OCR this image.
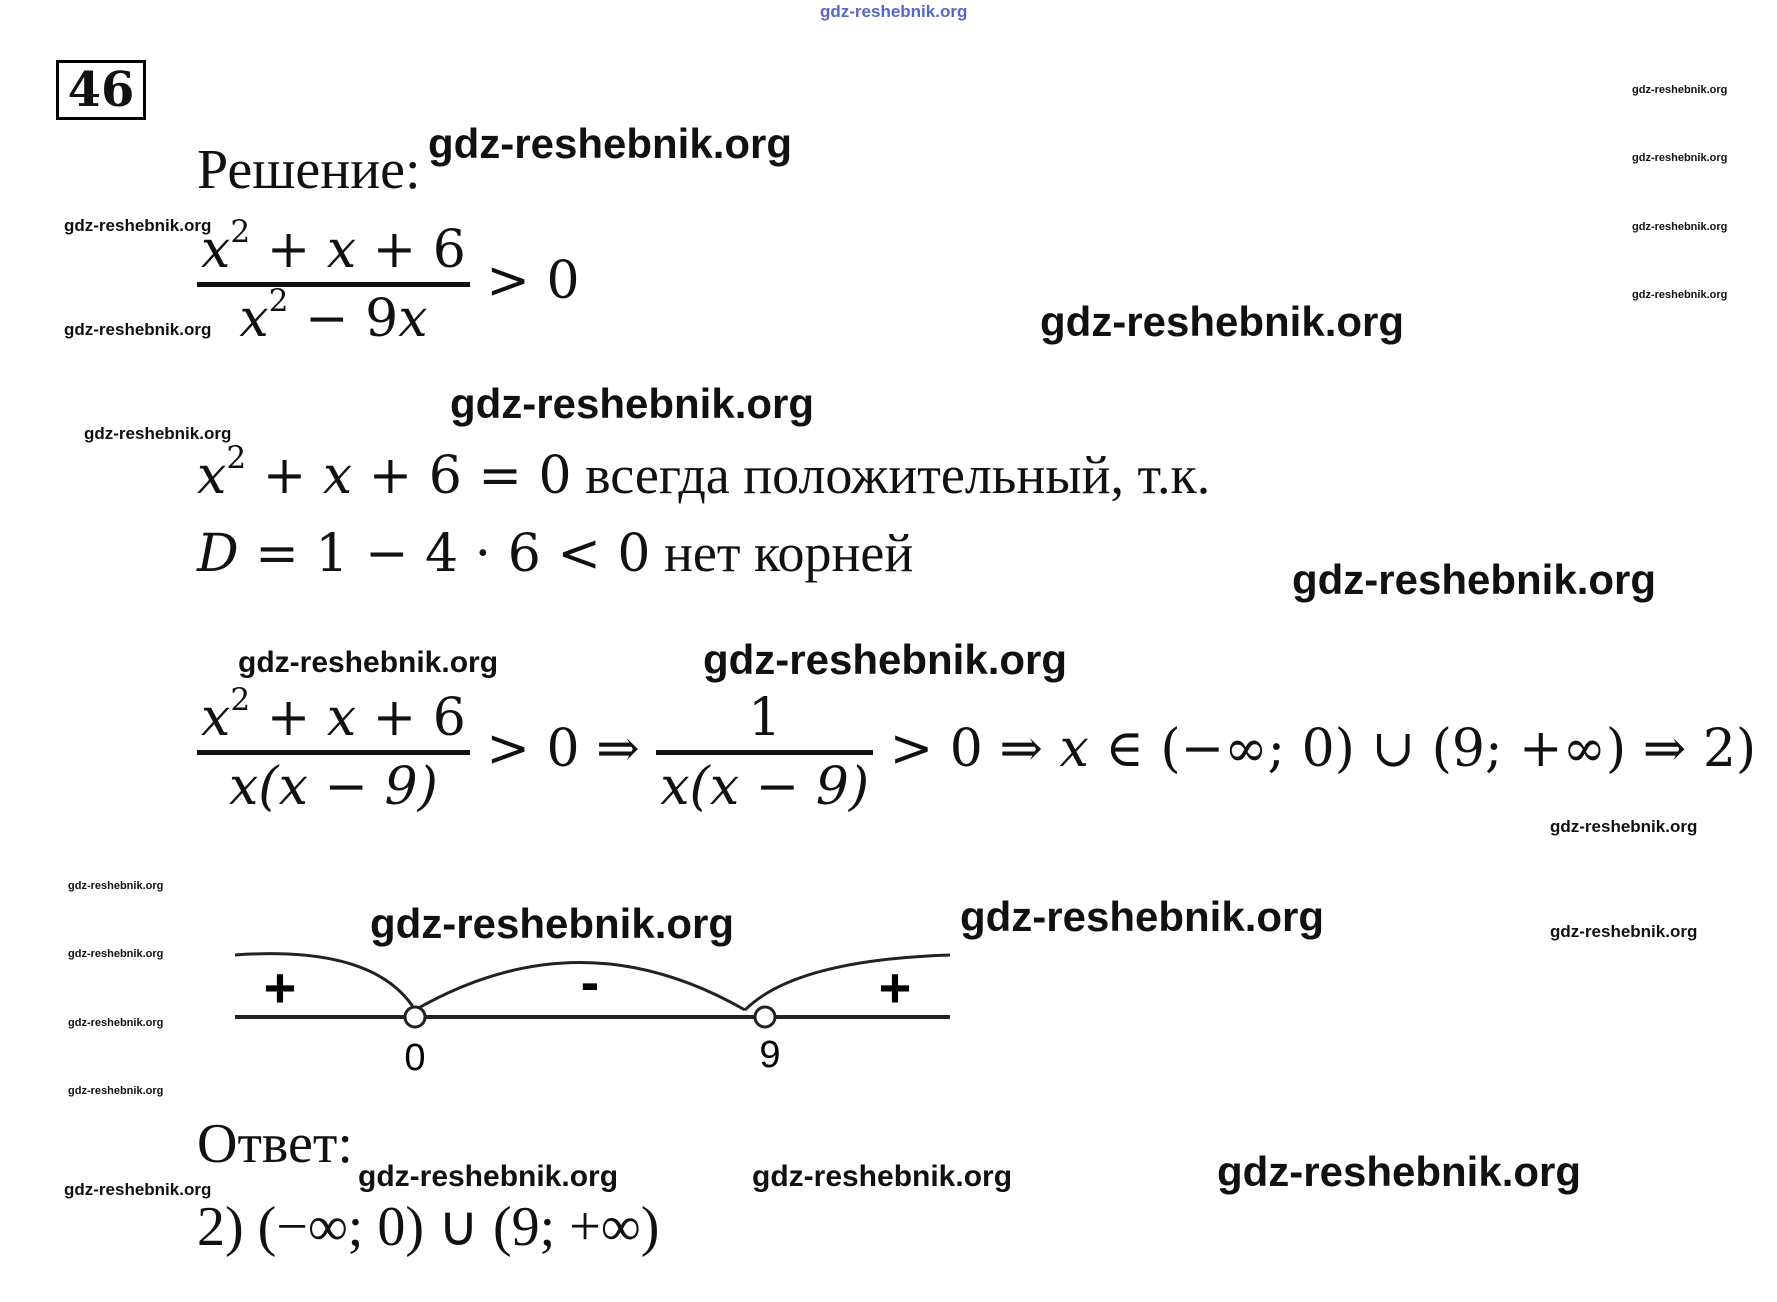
gdz-reshebnik.org
46
Решение:
$x^2 + x + 6$
$x^2 - 9x$
> 0
$x^2 + x + 6 = 0$ всегда положительный, т.к.
D = 1 − 4 · 6 < 0 нет корней
$x^2 + x + 6$
x(x − 9)
> 0 ⇒
1
x(x − 9)
> 0 ⇒ x ∈ (−∞; 0) ∪ (9; +∞) ⇒ 2)
+	-	+
0	9
Ответ:
2) (−∞; 0) ∪ (9; +∞)
gdz-reshebnik.org
gdz-reshebnik.org
gdz-reshebnik.org
gdz-reshebnik.org
gdz-reshebnik.org
gdz-reshebnik.org	gdz-reshebnik.org
gdz-reshebnik.org
gdz-reshebnik.org
gdz-reshebnik.org	gdz-reshebnik.org
gdz-reshebnik.org
gdz-reshebnik.org
gdz-reshebnik.org
gdz-reshebnik.org
gdz-reshebnik.org
gdz-reshebnik.org
gdz-reshebnik.org
gdz-reshebnik.org
gdz-reshebnik.org
gdz-reshebnik.org
gdz-reshebnik.org
gdz-reshebnik.org
gdz-reshebnik.org
gdz-reshebnik.org
